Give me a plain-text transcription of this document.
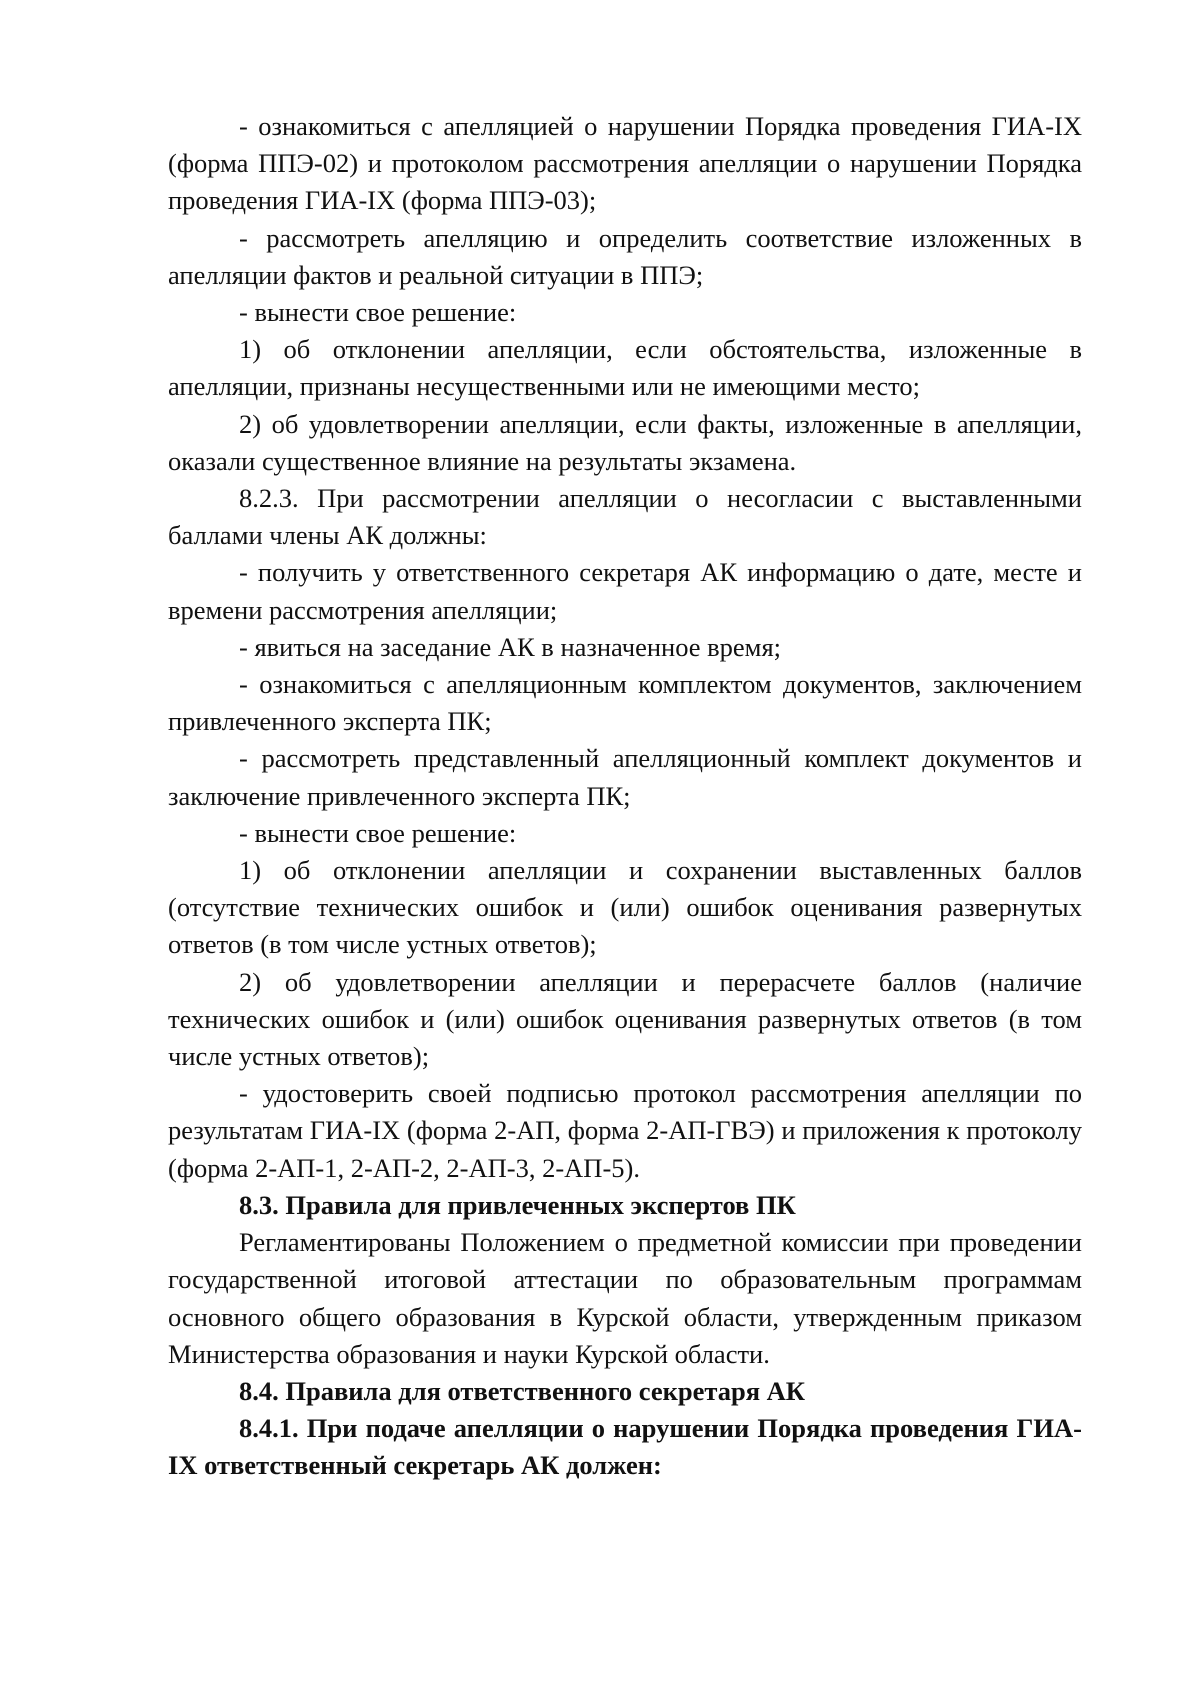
- ознакомиться с апелляцией о нарушении Порядка проведения ГИА-IX (форма ППЭ-02) и протоколом рассмотрения апелляции о нарушении Порядка проведения ГИА-IX (форма ППЭ-03);

- рассмотреть апелляцию и определить соответствие изложенных в апелляции фактов и реальной ситуации в ППЭ;

- вынести свое решение:

1) об отклонении апелляции, если обстоятельства, изложенные в апелляции, признаны несущественными или не имеющими место;

2) об удовлетворении апелляции, если факты, изложенные в апелляции, оказали существенное влияние на результаты экзамена.

8.2.3. При рассмотрении апелляции о несогласии с выставленными баллами члены АК должны:

- получить у ответственного секретаря АК информацию о дате, месте и времени рассмотрения апелляции;

- явиться на заседание АК в назначенное время;

- ознакомиться с апелляционным комплектом документов, заключением привлеченного эксперта ПК;

- рассмотреть представленный апелляционный комплект документов и заключение привлеченного эксперта ПК;

- вынести свое решение:

1) об отклонении апелляции и сохранении выставленных баллов (отсутствие технических ошибок и (или) ошибок оценивания развернутых ответов (в том числе устных ответов);

2) об удовлетворении апелляции и перерасчете баллов (наличие технических ошибок и (или) ошибок оценивания развернутых ответов (в том числе устных ответов);

- удостоверить своей подписью протокол рассмотрения апелляции по результатам ГИА-IX (форма 2-АП, форма 2-АП-ГВЭ) и приложения к протоколу (форма 2-АП-1, 2-АП-2, 2-АП-3, 2-АП-5).

8.3. Правила для привлеченных экспертов ПК

Регламентированы Положением о предметной комиссии при проведении государственной итоговой аттестации по образовательным программам основного общего образования в Курской области, утвержденным приказом Министерства образования и науки Курской области.

8.4. Правила для ответственного секретаря АК

8.4.1. При подаче апелляции о нарушении Порядка проведения ГИА-IX ответственный секретарь АК должен:
